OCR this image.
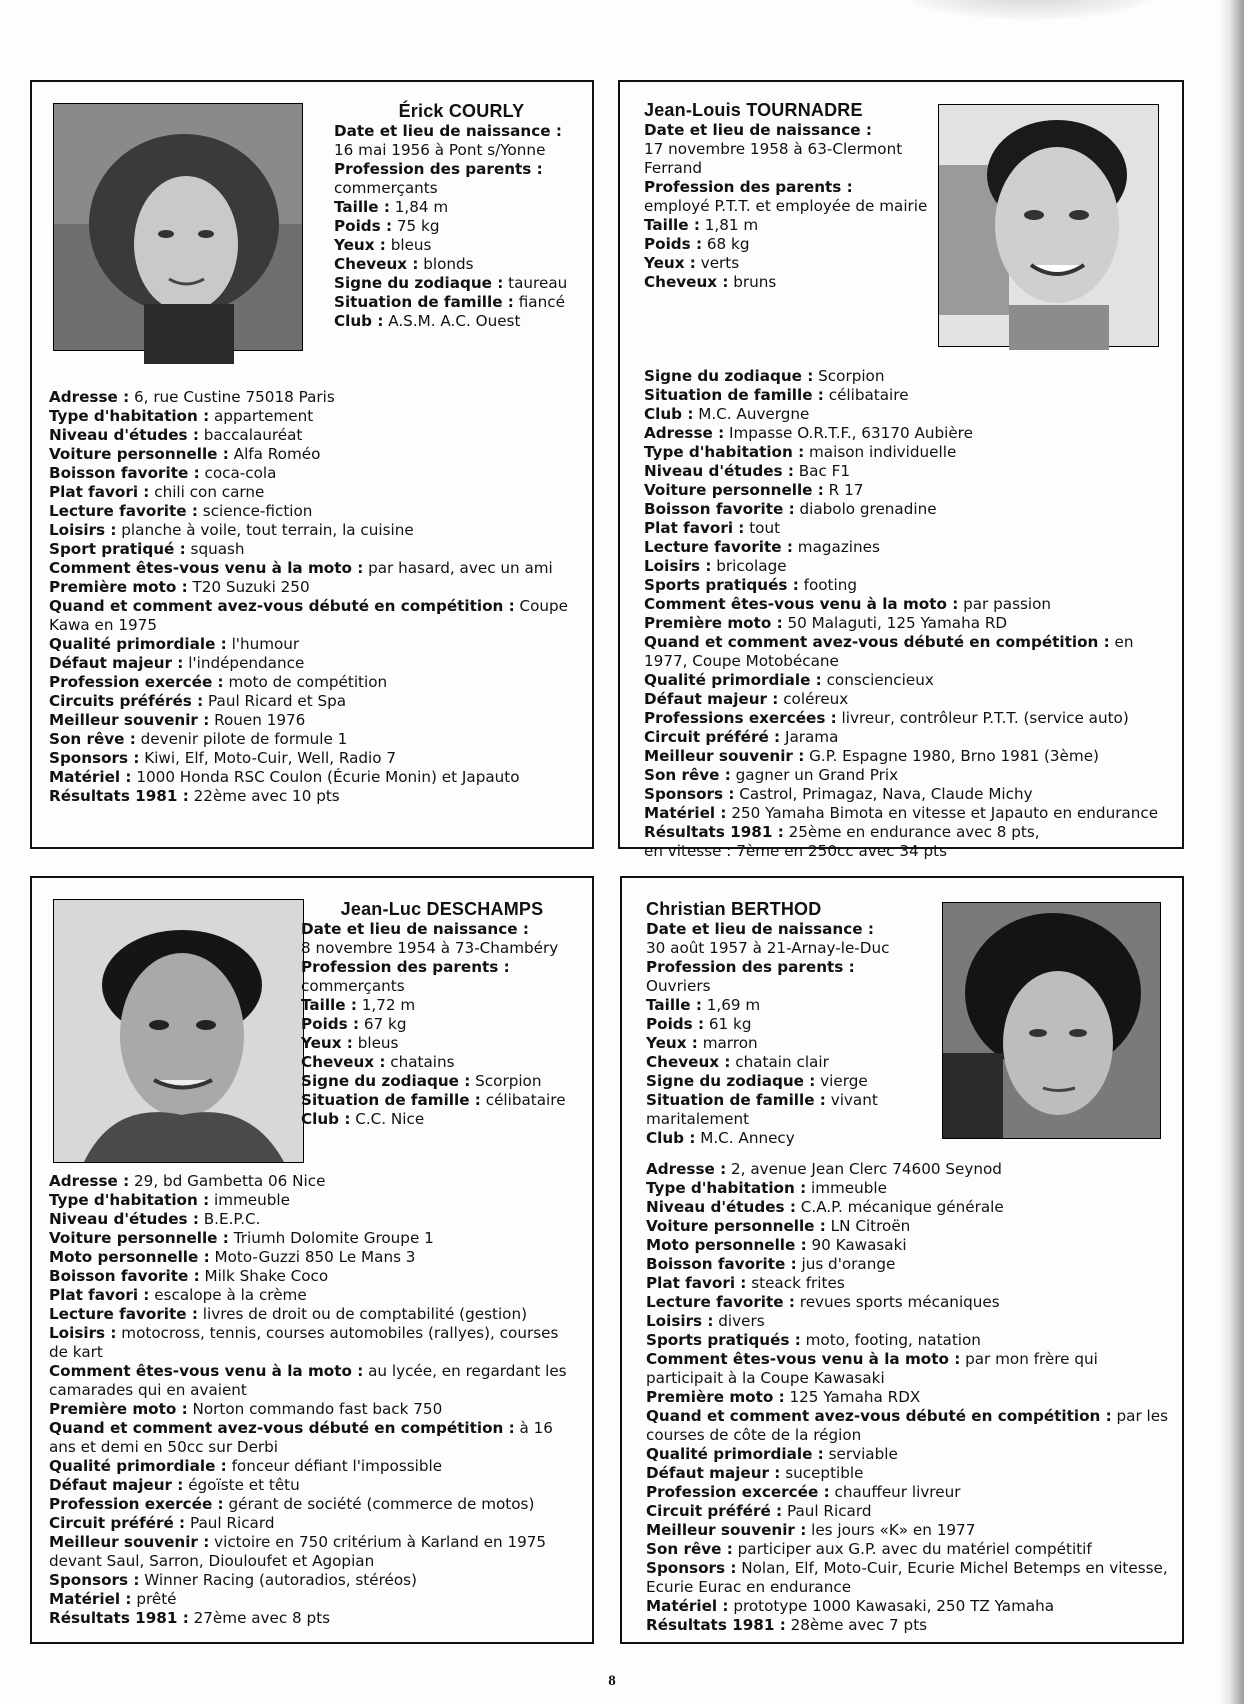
Érick COURLY
Date et lieu de naissance :
16 mai 1956 à Pont s/Yonne
Profession des parents :
commerçants
Taille : 1,84 m
Poids : 75 kg
Yeux : bleus
Cheveux : blonds
Signe du zodiaque : taureau
Situation de famille : fiancé
Club : A.S.M. A.C. Ouest
Adresse : 6, rue Custine 75018 Paris
Type d'habitation : appartement
Niveau d'études : baccalauréat
Voiture personnelle : Alfa Roméo
Boisson favorite : coca-cola
Plat favori : chili con carne
Lecture favorite : science-fiction
Loisirs : planche à voile, tout terrain, la cuisine
Sport pratiqué : squash
Comment êtes-vous venu à la moto : par hasard, avec un ami
Première moto : T20 Suzuki 250
Quand et comment avez-vous débuté en compétition : Coupe Kawa en 1975
Qualité primordiale : l'humour
Défaut majeur : l'indépendance
Profession exercée : moto de compétition
Circuits préférés : Paul Ricard et Spa
Meilleur souvenir : Rouen 1976
Son rêve : devenir pilote de formule 1
Sponsors : Kiwi, Elf, Moto-Cuir, Well, Radio 7
Matériel : 1000 Honda RSC Coulon (Écurie Monin) et Japauto
Résultats 1981 : 22ème avec 10 pts
Jean-Louis TOURNADRE
Date et lieu de naissance :
17 novembre 1958 à 63-Clermont Ferrand
Profession des parents :
employé P.T.T. et employée de mairie
Taille : 1,81 m
Poids : 68 kg
Yeux : verts
Cheveux : bruns
Signe du zodiaque : Scorpion
Situation de famille : célibataire
Club : M.C. Auvergne
Adresse : Impasse O.R.T.F., 63170 Aubière
Type d'habitation : maison individuelle
Niveau d'études : Bac F1
Voiture personnelle : R 17
Boisson favorite : diabolo grenadine
Plat favori : tout
Lecture favorite : magazines
Loisirs : bricolage
Sports pratiqués : footing
Comment êtes-vous venu à la moto : par passion
Première moto : 50 Malaguti, 125 Yamaha RD
Quand et comment avez-vous débuté en compétition : en 1977, Coupe Motobécane
Qualité primordiale : consciencieux
Défaut majeur : coléreux
Professions exercées : livreur, contrôleur P.T.T. (service auto)
Circuit préféré : Jarama
Meilleur souvenir : G.P. Espagne 1980, Brno 1981 (3ème)
Son rêve : gagner un Grand Prix
Sponsors : Castrol, Primagaz, Nava, Claude Michy
Matériel : 250 Yamaha Bimota en vitesse et Japauto en endurance
Résultats 1981 : 25ème en endurance avec 8 pts,
en vitesse : 7ème en 250cc avec 34 pts
Jean-Luc DESCHAMPS
Date et lieu de naissance :
8 novembre 1954 à 73-Chambéry
Profession des parents :
commerçants
Taille : 1,72 m
Poids : 67 kg
Yeux : bleus
Cheveux : chatains
Signe du zodiaque : Scorpion
Situation de famille : célibataire
Club : C.C. Nice
Adresse : 29, bd Gambetta 06 Nice
Type d'habitation : immeuble
Niveau d'études : B.E.P.C.
Voiture personnelle : Triumh Dolomite Groupe 1
Moto personnelle : Moto-Guzzi 850 Le Mans 3
Boisson favorite : Milk Shake Coco
Plat favori : escalope à la crème
Lecture favorite : livres de droit ou de comptabilité (gestion)
Loisirs : motocross, tennis, courses automobiles (rallyes), courses de kart
Comment êtes-vous venu à la moto : au lycée, en regardant les camarades qui en avaient
Première moto : Norton commando fast back 750
Quand et comment avez-vous débuté en compétition : à 16 ans et demi en 50cc sur Derbi
Qualité primordiale : fonceur défiant l'impossible
Défaut majeur : égoïste et têtu
Profession exercée : gérant de société (commerce de motos)
Circuit préféré : Paul Ricard
Meilleur souvenir : victoire en 750 critérium à Karland en 1975 devant Saul, Sarron, Diouloufet et Agopian
Sponsors : Winner Racing (autoradios, stéréos)
Matériel : prêté
Résultats 1981 : 27ème avec 8 pts
Christian BERTHOD
Date et lieu de naissance :
30 août 1957 à 21-Arnay-le-Duc
Profession des parents :
Ouvriers
Taille : 1,69 m
Poids : 61 kg
Yeux : marron
Cheveux : chatain clair
Signe du zodiaque : vierge
Situation de famille : vivant maritalement
Club : M.C. Annecy
Adresse : 2, avenue Jean Clerc 74600 Seynod
Type d'habitation : immeuble
Niveau d'études : C.A.P. mécanique générale
Voiture personnelle : LN Citroën
Moto personnelle : 90 Kawasaki
Boisson favorite : jus d'orange
Plat favori : steack frites
Lecture favorite : revues sports mécaniques
Loisirs : divers
Sports pratiqués : moto, footing, natation
Comment êtes-vous venu à la moto : par mon frère qui participait à la Coupe Kawasaki
Première moto : 125 Yamaha RDX
Quand et comment avez-vous débuté en compétition : par les courses de côte de la région
Qualité primordiale : serviable
Défaut majeur : suceptible
Profession excercée : chauffeur livreur
Circuit préféré : Paul Ricard
Meilleur souvenir : les jours «K» en 1977
Son rêve : participer aux G.P. avec du matériel compétitif
Sponsors : Nolan, Elf, Moto-Cuir, Ecurie Michel Betemps en vitesse, Ecurie Eurac en endurance
Matériel : prototype 1000 Kawasaki, 250 TZ Yamaha
Résultats 1981 : 28ème avec 7 pts
8
